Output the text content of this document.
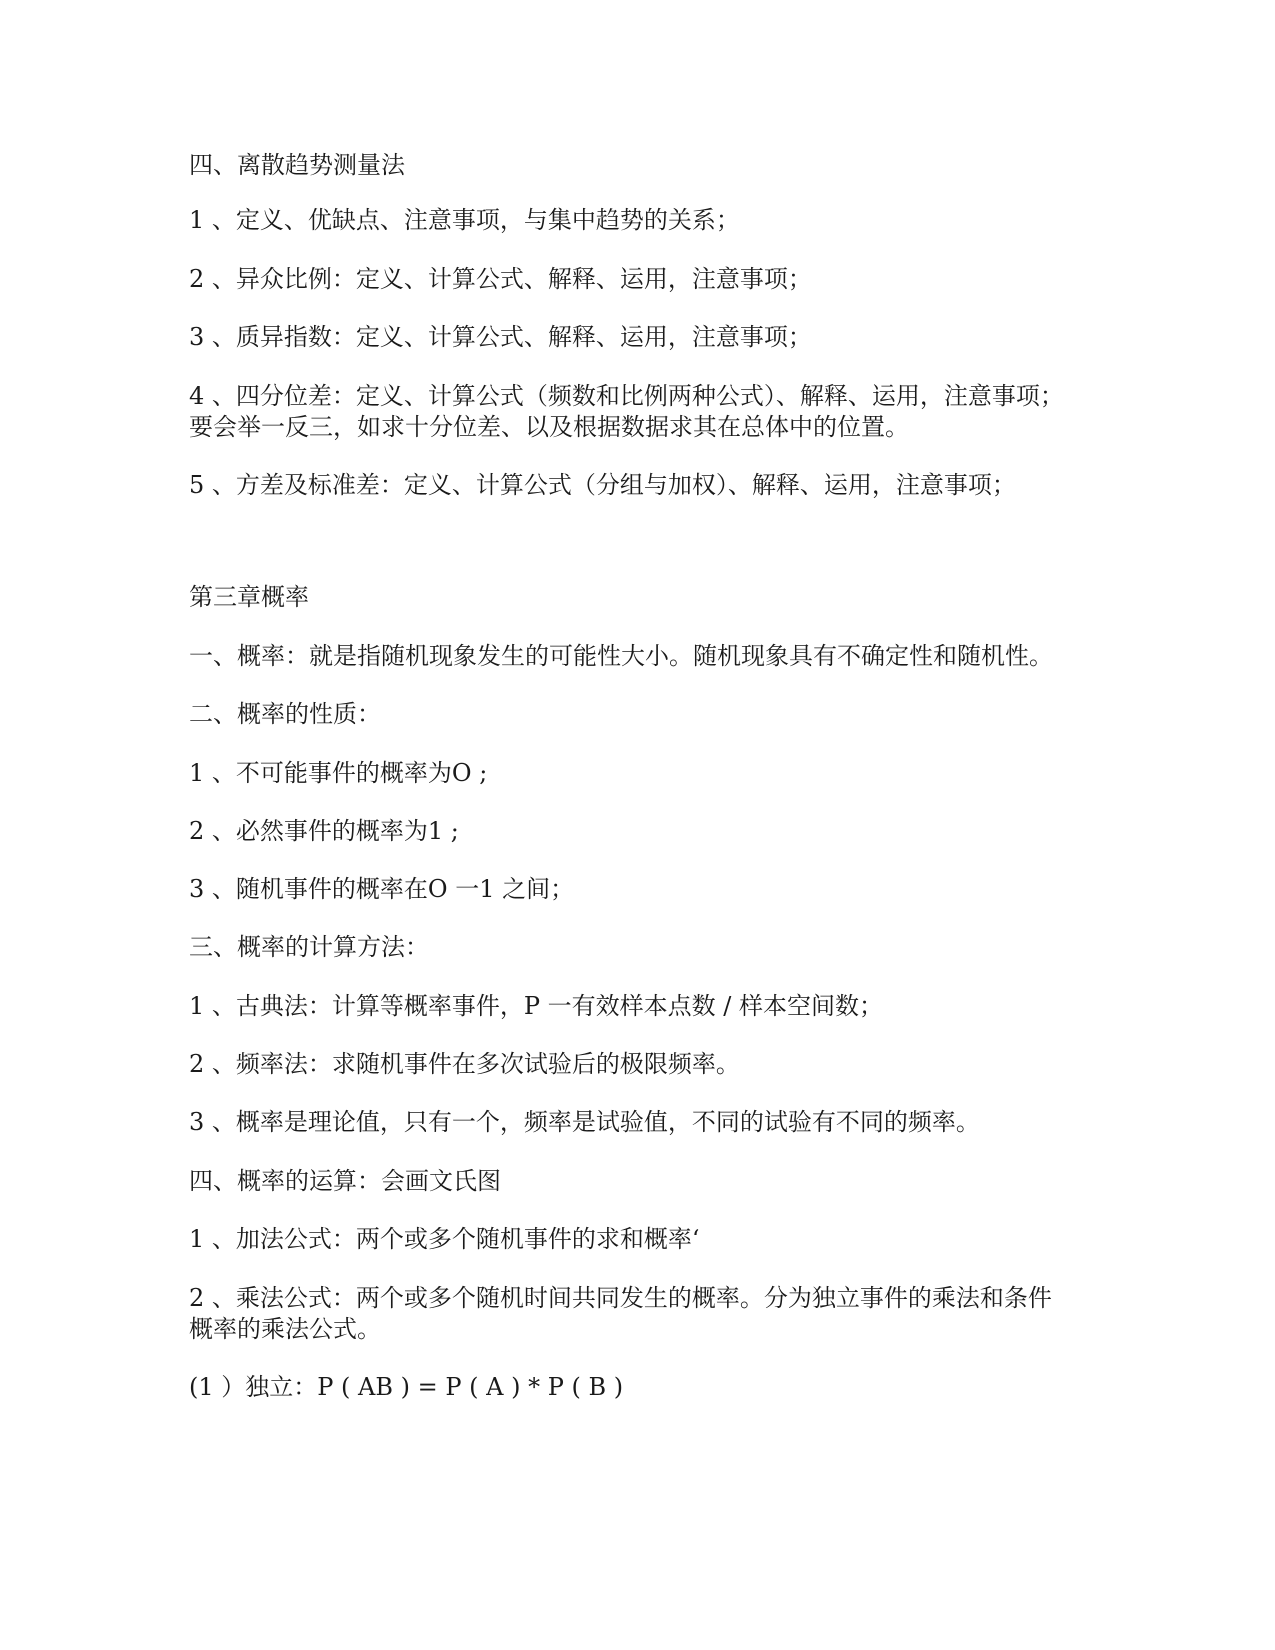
四、离散趋势测量法
1 、定义、优缺点、注意事项，与集中趋势的关系；
2 、异众比例：定义、计算公式、解释、运用，注意事项；
3 、质异指数：定义、计算公式、解释、运用，注意事项；
4 、四分位差：定义、计算公式（频数和比例两种公式）、解释、运用，注意事项；
要会举一反三，如求十分位差、以及根据数据求其在总体中的位置。
5 、方差及标准差：定义、计算公式（分组与加权）、解释、运用，注意事项；
第三章概率
一、概率：就是指随机现象发生的可能性大小。随机现象具有不确定性和随机性。
二、概率的性质：
1 、不可能事件的概率为O ;
2 、必然事件的概率为1 ;
3 、随机事件的概率在O 一1 之间；
三、概率的计算方法：
1 、古典法：计算等概率事件，P 一有效样本点数 / 样本空间数；
2 、频率法：求随机事件在多次试验后的极限频率。
3 、概率是理论值，只有一个，频率是试验值，不同的试验有不同的频率。
四、概率的运算：会画文氏图
1 、加法公式：两个或多个随机事件的求和概率‘
2 、乘法公式：两个或多个随机时间共同发生的概率。分为独立事件的乘法和条件
概率的乘法公式。
(1 ）独立：P ( AB ) = P ( A ) * P ( B )
